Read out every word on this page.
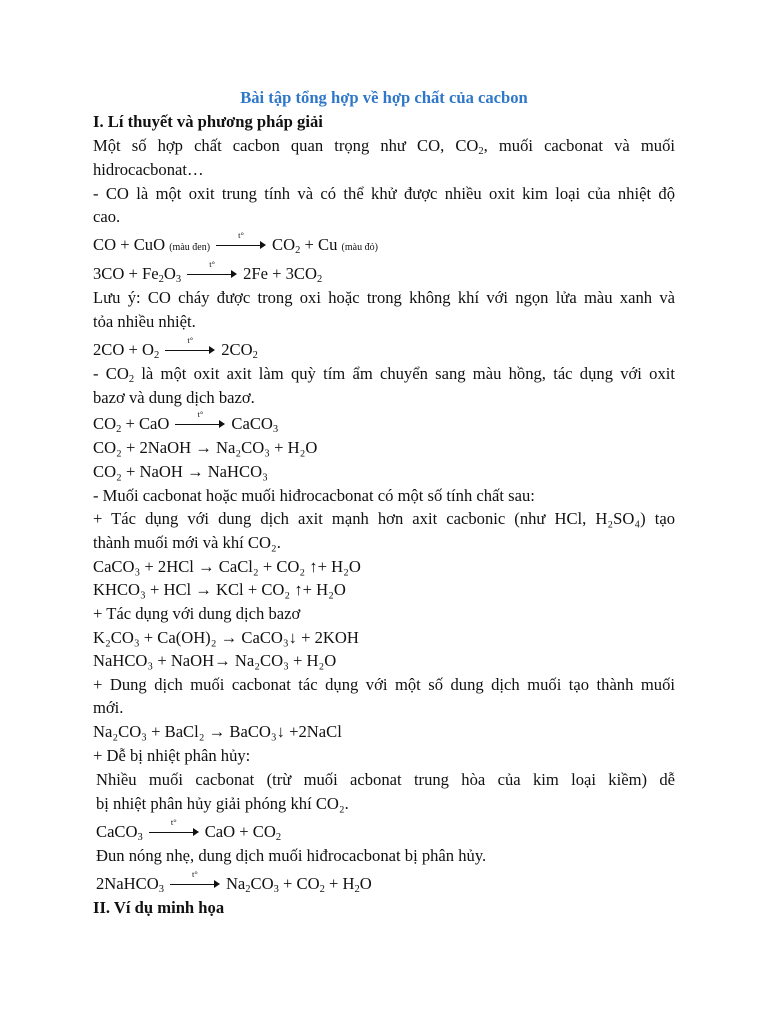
Bài tập tổng hợp về hợp chất của cacbon
I. Lí thuyết và phương pháp giải
Một số hợp chất cacbon quan trọng như CO, $CO_2$, muối cacbonat và muối
hidrocacbonat…
- CO là một oxit trung tính và có thể khử được nhiều oxit kim loại của nhiệt độ
cao.
CO + CuO (màu đen)
t°	$CO_2 + Cu$ (màu đỏ)
$3CO + Fe_2O_3$
t°	$2Fe + 3CO_2$
Lưu ý: CO cháy được trong oxi hoặc trong không khí với ngọn lửa màu xanh và
tỏa nhiều nhiệt.
$2CO + O_2$
t°	$2CO_2$
- $CO_2$ là một oxit axit làm quỳ tím ẩm chuyển sang màu hồng, tác dụng với oxit
bazơ và dung dịch bazơ.
$CO_2$ + CaO	t°	CaCO$_3$
CO₂ + 2NaOH → Na₂CO₃ + H₂O
CO₂ + NaOH → NaHCO₃
- Muối cacbonat hoặc muối hiđrocacbonat có một số tính chất sau:
+ Tác dụng với dung dịch axit mạnh hơn axit cacbonic (như HCl, H₂SO₄) tạo
thành muối mới và khí CO₂.
CaCO₃ + 2HCl → CaCl₂ + CO₂ ↑+ H₂O
KHCO₃ + HCl → KCl + CO₂ ↑+ H₂O
+ Tác dụng với dung dịch bazơ
K₂CO₃ + Ca(OH)₂ → CaCO₃↓ + 2KOH
NaHCO₃ + NaOH→ Na₂CO₃ + H₂O
+ Dung dịch muối cacbonat tác dụng với một số dung dịch muối tạo thành muối
mới.
Na₂CO₃ + BaCl₂ → BaCO₃↓ +2NaCl
+ Dễ bị nhiệt phân hủy:
Nhiều muối cacbonat (trừ muối acbonat trung hòa của kim loại kiềm) dễ
bị nhiệt phân hủy giải phóng khí CO₂.
CaCO$_3$
t°	CaO + $CO_2$
Đun nóng nhẹ, dung dịch muối hiđrocacbonat bị phân hủy.
2NaHCO$_3$
t°	$Na_2CO_3 + CO_2 + H_2O$
II. Ví dụ minh họa
